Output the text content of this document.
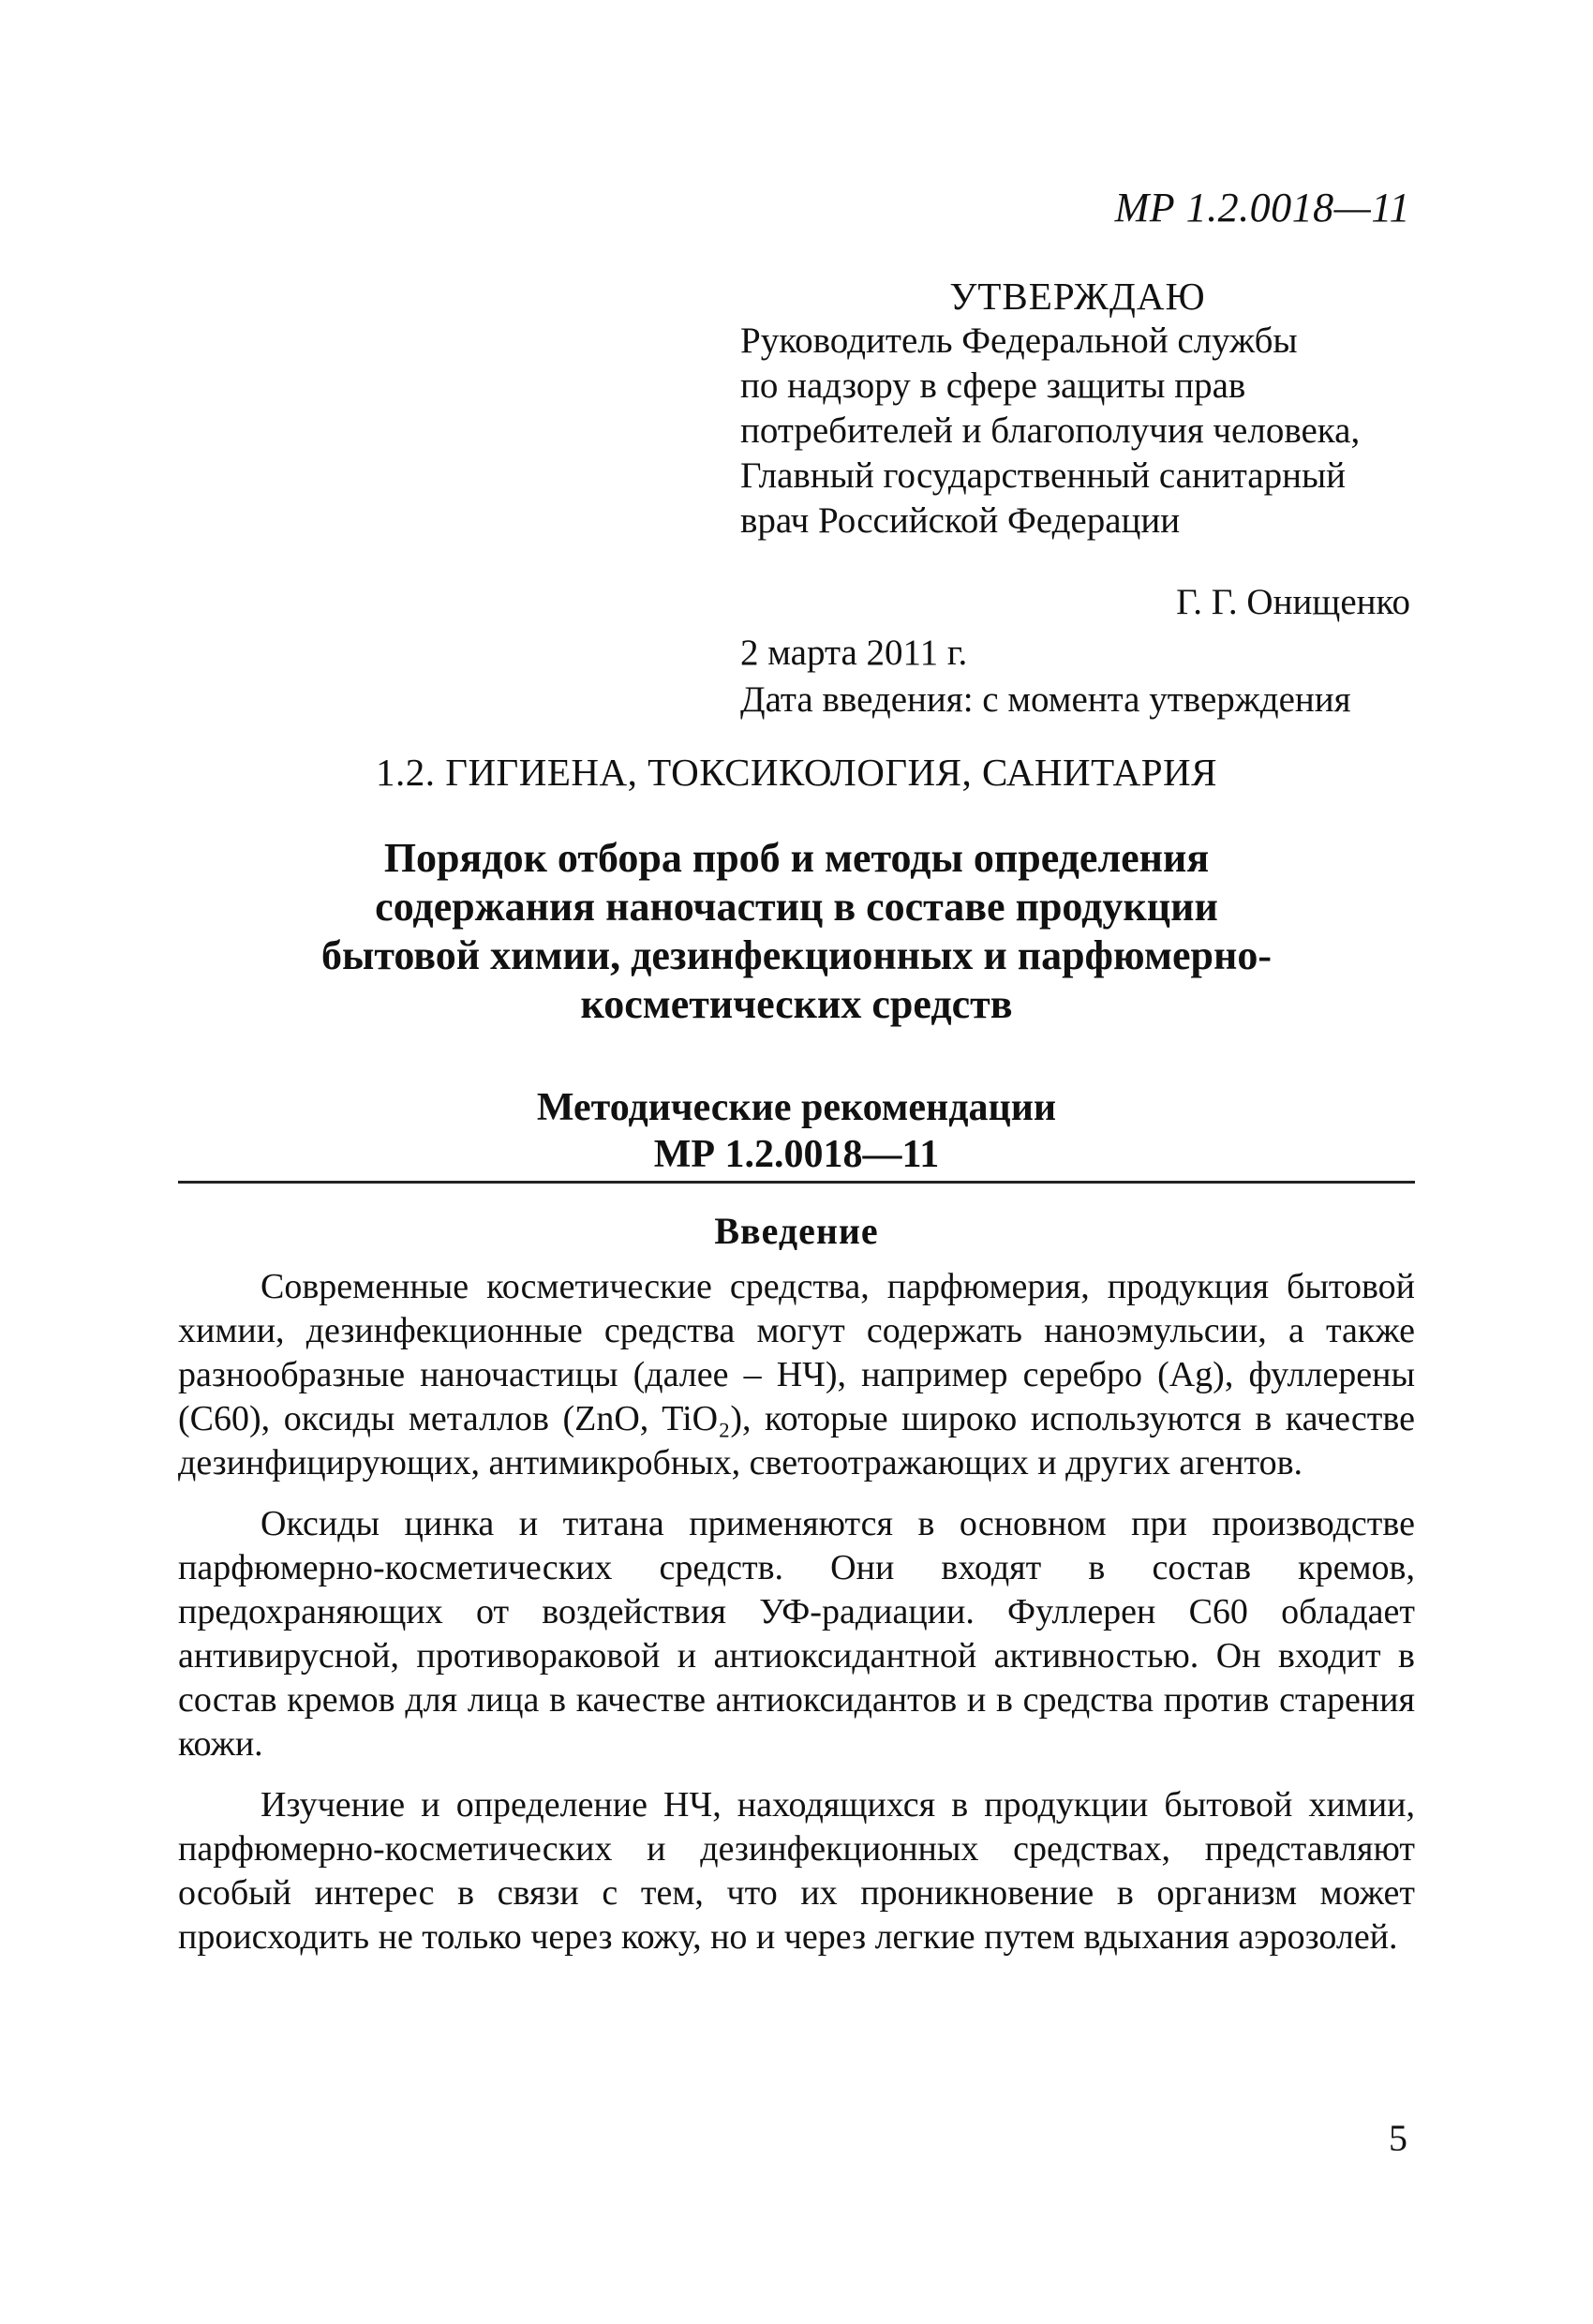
МР 1.2.0018—11
УТВЕРЖДАЮ
Руководитель Федеральной службы
по надзору в сфере защиты прав
потребителей и благополучия человека,
Главный государственный санитарный
врач Российской Федерации
Г. Г. Онищенко
2 марта 2011 г.
Дата введения: с момента утверждения
1.2. ГИГИЕНА, ТОКСИКОЛОГИЯ, САНИТАРИЯ
Порядок отбора проб и методы определения
содержания наночастиц в составе продукции
бытовой химии, дезинфекционных и парфюмерно-
косметических средств
Методические рекомендации
МР 1.2.0018—11
Введение

Современные косметические средства, парфюмерия, продукция бытовой химии, дезинфекционные средства могут содержать наноэмульсии, а также разнообразные наночастицы (далее – НЧ), например серебро (Ag), фуллерены (C60), оксиды металлов (ZnO, TiO₂), которые широко используются в качестве дезинфицирующих, антимикробных, светоотражающих и других агентов.

Оксиды цинка и титана применяются в основном при производстве парфюмерно-косметических средств. Они входят в состав кремов, предохраняющих от воздействия УФ-радиации. Фуллерен С60 обладает антивирусной, противораковой и антиоксидантной активностью. Он входит в состав кремов для лица в качестве антиоксидантов и в средства против старения кожи.

Изучение и определение НЧ, находящихся в продукции бытовой химии, парфюмерно-косметических и дезинфекционных средствах, представляют особый интерес в связи с тем, что их проникновение в организм может происходить не только через кожу, но и через легкие путем вдыхания аэрозолей.

5
